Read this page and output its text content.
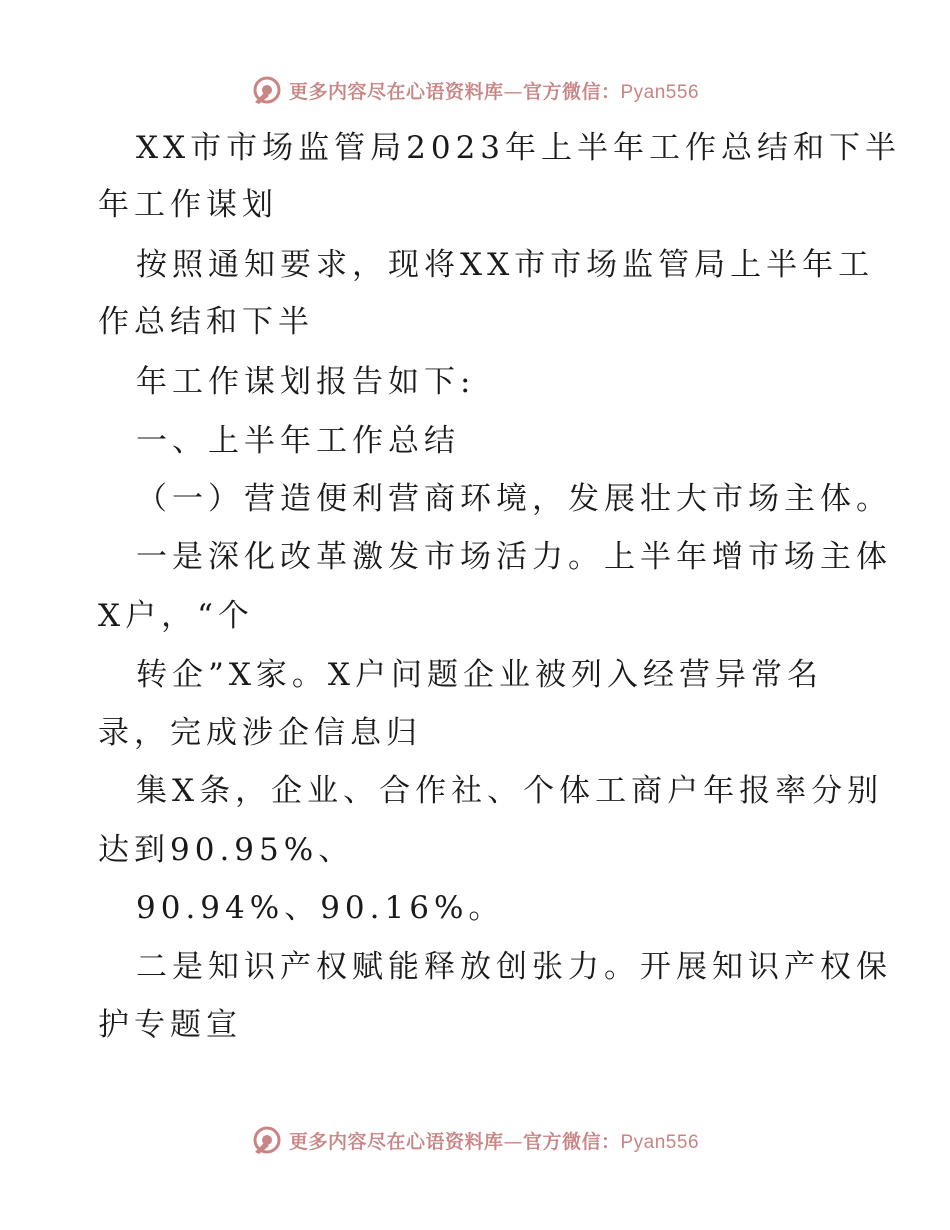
更多内容尽在心语资料库—官方微信：Pyan556
XX市市场监管局2023年上半年工作总结和下半
年工作谋划
按照通知要求，现将XX市市场监管局上半年工
作总结和下半
年工作谋划报告如下:
一、上半年工作总结
（一）营造便利营商环境，发展壮大市场主体。
一是深化改革激发市场活力。上半年增市场主体
X户，“个
转企”X家。X户问题企业被列入经营异常名
录，完成涉企信息归
集X条，企业、合作社、个体工商户年报率分别
达到90.95%、
90.94%、90.16%。
二是知识产权赋能释放创张力。开展知识产权保
护专题宣
更多内容尽在心语资料库—官方微信：Pyan556
